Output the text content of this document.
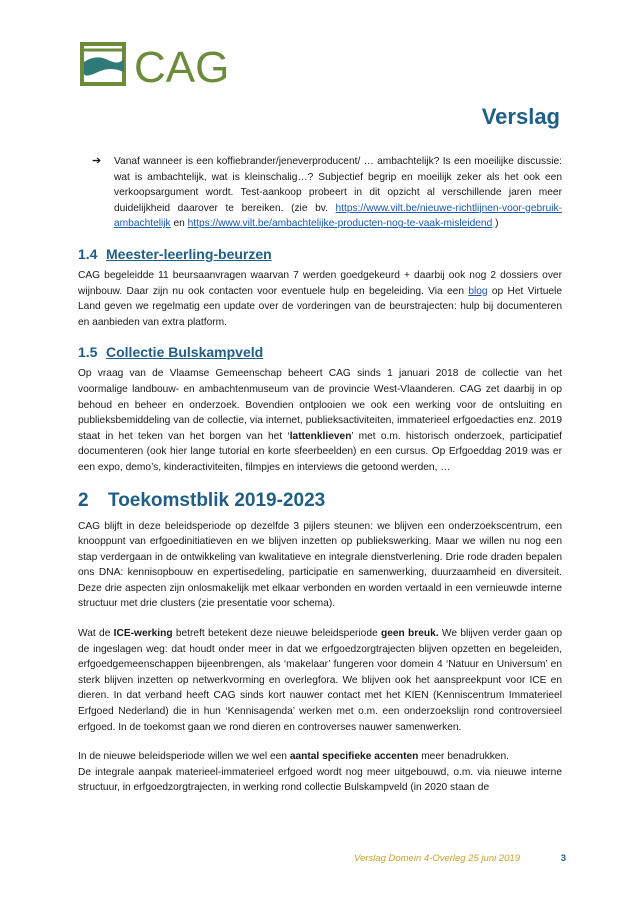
CAG
Verslag

➔ Vanaf wanneer is een koffiebrander/jeneverproducent/ … ambachtelijk? Is een moeilijke discussie: wat is ambachtelijk, wat is kleinschalig…? Subjectief begrip en moeilijk zeker als het ook een verkoopsargument wordt. Test-aankoop probeert in dit opzicht al verschillende jaren meer duidelijkheid daarover te bereiken. (zie bv. https://www.vilt.be/nieuwe-richtlijnen-voor-gebruik-ambachtelijk en https://www.vilt.be/ambachtelijke-producten-nog-te-vaak-misleidend )

1.4 Meester-leerling-beurzen

CAG begeleidde 11 beursaanvragen waarvan 7 werden goedgekeurd + daarbij ook nog 2 dossiers over wijnbouw. Daar zijn nu ook contacten voor eventuele hulp en begeleiding. Via een blog op Het Virtuele Land geven we regelmatig een update over de vorderingen van de beurstrajecten: hulp bij documenteren en aanbieden van extra platform.

1.5 Collectie Bulskampveld

Op vraag van de Vlaamse Gemeenschap beheert CAG sinds 1 januari 2018 de collectie van het voormalige landbouw- en ambachtenmuseum van de provincie West-Vlaanderen. CAG zet daarbij in op behoud en beheer en onderzoek. Bovendien ontplooien we ook een werking voor de ontsluiting en publieksbemiddeling van de collectie, via internet, publieksactiviteiten, immaterieel erfgoedacties enz. 2019 staat in het teken van het borgen van het ‘lattenklieven’ met o.m. historisch onderzoek, participatief documenteren (ook hier lange tutorial en korte sfeerbeelden) en een cursus. Op Erfgoeddag 2019 was er een expo, demo’s, kinderactiviteiten, filmpjes en interviews die getoond werden, …

2 Toekomstblik 2019-2023

CAG blijft in deze beleidsperiode op dezelfde 3 pijlers steunen: we blijven een onderzoekscentrum, een knooppunt van erfgoedinitiatieven en we blijven inzetten op publiekswerking. Maar we willen nu nog een stap verdergaan in de ontwikkeling van kwalitatieve en integrale dienstverlening. Drie rode draden bepalen ons DNA: kennisopbouw en expertisedeling, participatie en samenwerking, duurzaamheid en diversiteit. Deze drie aspecten zijn onlosmakelijk met elkaar verbonden en worden vertaald in een vernieuwde interne structuur met drie clusters (zie presentatie voor schema).

Wat de ICE-werking betreft betekent deze nieuwe beleidsperiode geen breuk. We blijven verder gaan op de ingeslagen weg: dat houdt onder meer in dat we erfgoedzorgtrajecten blijven opzetten en begeleiden, erfgoedgemeenschappen bijeenbrengen, als ‘makelaar’ fungeren voor domein 4 ‘Natuur en Universum’ en sterk blijven inzetten op netwerkvorming en overlegfora. We blijven ook het aanspreekpunt voor ICE en dieren. In dat verband heeft CAG sinds kort nauwer contact met het KIEN (Kenniscentrum Immaterieel Erfgoed Nederland) die in hun ‘Kennisagenda’ werken met o.m. een onderzoekslijn rond controversieel erfgoed. In de toekomst gaan we rond dieren en controverses nauwer samenwerken.

In de nieuwe beleidsperiode willen we wel een aantal specifieke accenten meer benadrukken.

De integrale aanpak materieel-immaterieel erfgoed wordt nog meer uitgebouwd, o.m. via nieuwe interne structuur, in erfgoedzorgtrajecten, in werking rond collectie Bulskampveld (in 2020 staan de

Verslag Domein 4-Overleg 25 juni 2019	3
